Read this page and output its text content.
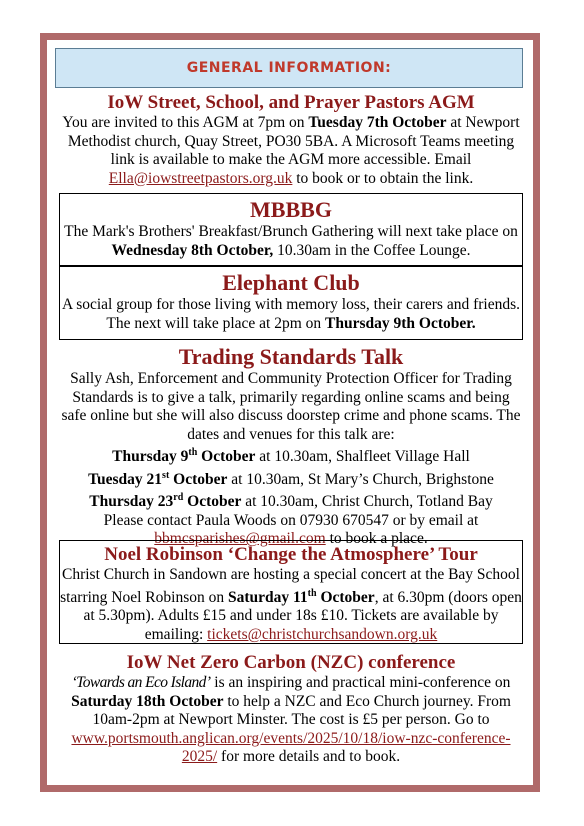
GENERAL INFORMATION:
IoW Street, School, and Prayer Pastors AGM

You are invited to this AGM at 7pm on Tuesday 7th October at Newport Methodist church, Quay Street, PO30 5BA. A Microsoft Teams meeting link is available to make the AGM more accessible. Email Ella@iowstreetpastors.org.uk to book or to obtain the link.

MBBBG

The Mark's Brothers' Breakfast/Brunch Gathering will next take place on Wednesday 8th October, 10.30am in the Coffee Lounge.

Elephant Club

A social group for those living with memory loss, their carers and friends. The next will take place at 2pm on Thursday 9th October.

Trading Standards Talk

Sally Ash, Enforcement and Community Protection Officer for Trading Standards is to give a talk, primarily regarding online scams and being safe online but she will also discuss doorstep crime and phone scams. The dates and venues for this talk are:

Thursday 9th October at 10.30am, Shalfleet Village Hall

Tuesday 21st October at 10.30am, St Mary’s Church, Brighstone

Thursday 23rd October at 10.30am, Christ Church, Totland Bay

Please contact Paula Woods on 07930 670547 or by email at

bbmcsparishes@gmail.com to book a place.

Noel Robinson ‘Change the Atmosphere’ Tour

Christ Church in Sandown are hosting a special concert at the Bay School starring Noel Robinson on Saturday 11th October, at 6.30pm (doors open at 5.30pm). Adults £15 and under 18s £10. Tickets are available by emailing: tickets@christchurchsandown.org.uk

IoW Net Zero Carbon (NZC) conference

‘Towards an Eco Island’ is an inspiring and practical mini-conference on Saturday 18th October to help a NZC and Eco Church journey. From 10am-2pm at Newport Minster. The cost is £5 per person. Go to www.portsmouth.anglican.org/events/2025/10/18/iow-nzc-conference-2025/ for more details and to book.
